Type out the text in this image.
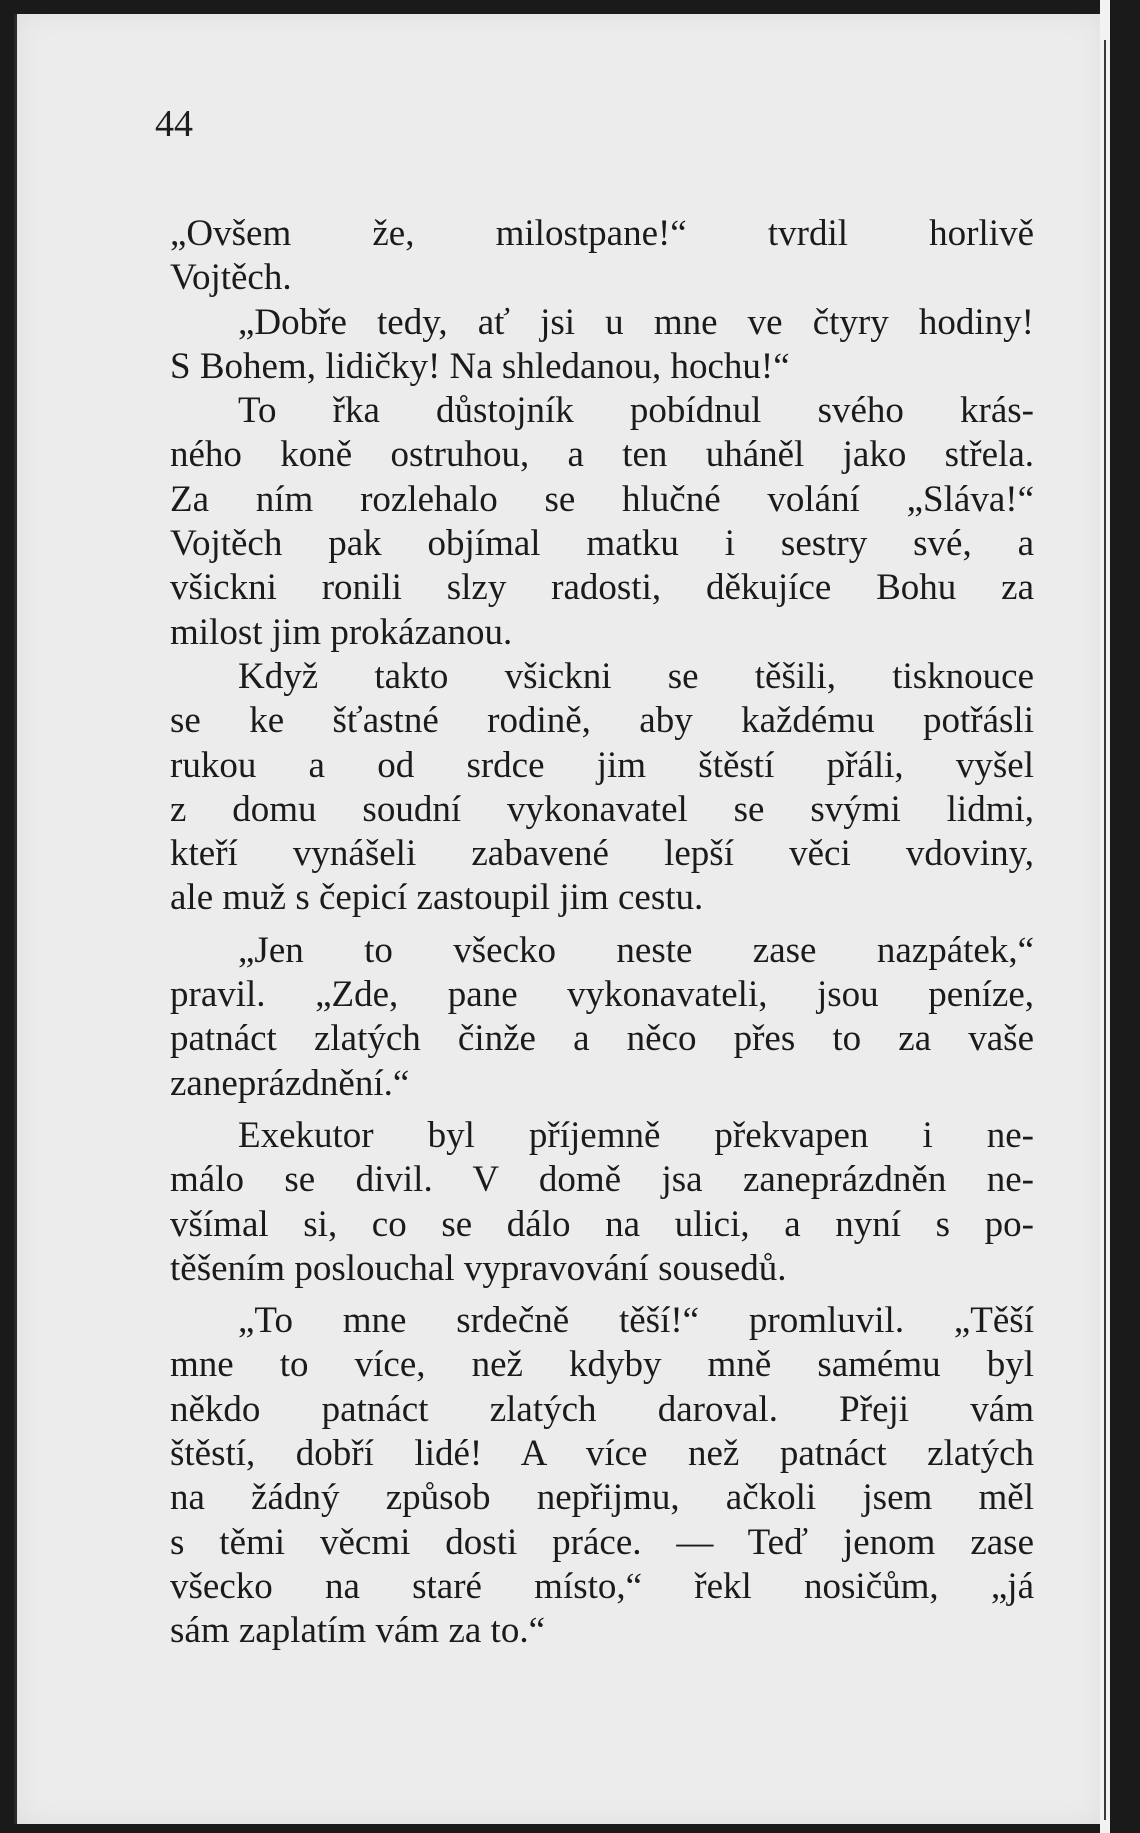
44

„Ovšem že, milostpane!“ tvrdil horlivě
Vojtěch.
„Dobře tedy, ať jsi u mne ve čtyry hodiny!
S Bohem, lidičky! Na shledanou, hochu!“
To řka důstojník pobídnul svého krás-
ného koně ostruhou, a ten uháněl jako střela.
Za ním rozlehalo se hlučné volání „Sláva!“
Vojtěch pak objímal matku i sestry své, a
všickni ronili slzy radosti, děkujíce Bohu za
milost jim prokázanou.
Když takto všickni se těšili, tisknouce
se ke šťastné rodině, aby každému potřásli
rukou a od srdce jim štěstí přáli, vyšel
z domu soudní vykonavatel se svými lidmi,
kteří vynášeli zabavené lepší věci vdoviny,
ale muž s čepicí zastoupil jim cestu.
„Jen to všecko neste zase nazpátek,“
pravil. „Zde, pane vykonavateli, jsou peníze,
patnáct zlatých činže a něco přes to za vaše
zaneprázdnění.“
Exekutor byl příjemně překvapen i ne-
málo se divil. V domě jsa zaneprázdněn ne-
všímal si, co se dálo na ulici, a nyní s po-
těšením poslouchal vypravování sousedů.
„To mne srdečně těší!“ promluvil. „Těší
mne to více, než kdyby mně samému byl
někdo patnáct zlatých daroval. Přeji vám
štěstí, dobří lidé! A více než patnáct zlatých
na žádný způsob nepřijmu, ačkoli jsem měl
s těmi věcmi dosti práce. — Teď jenom zase
všecko na staré místo,“ řekl nosičům, „já
sám zaplatím vám za to.“
